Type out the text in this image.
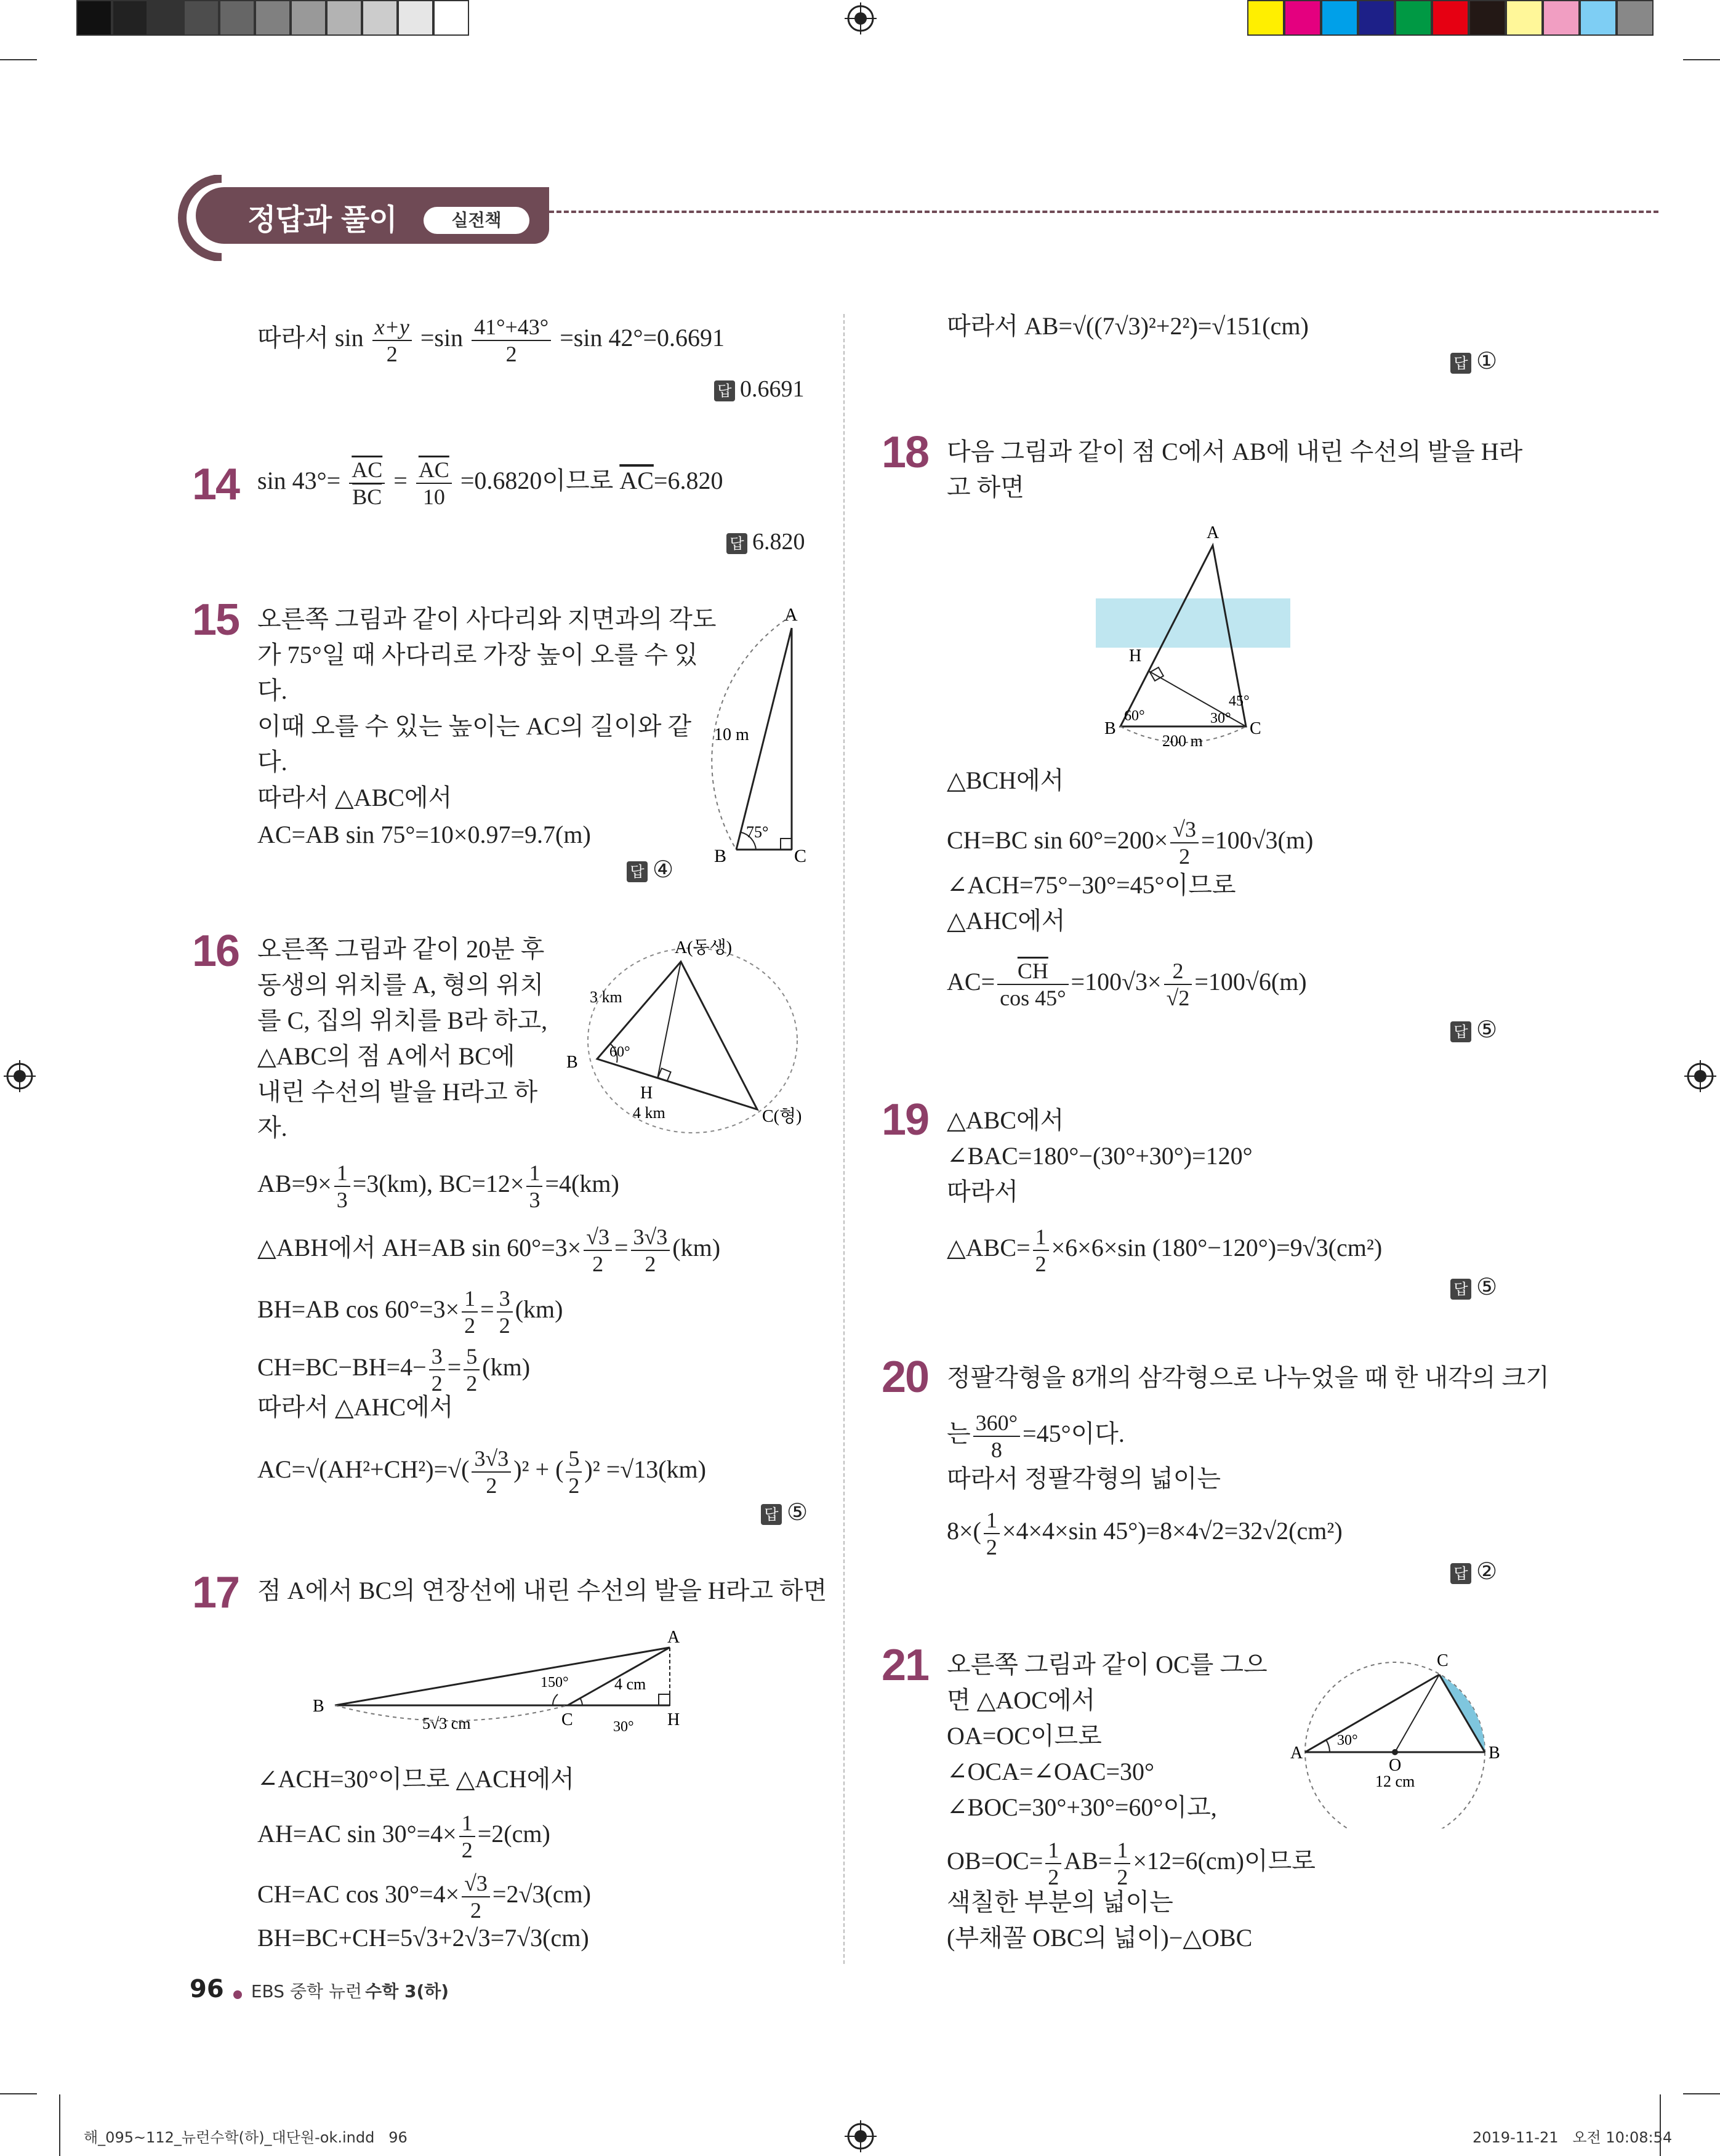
정답과 풀이	실전책
따라서 $\sin \frac{x+y}{2} =\sin \frac{41^\circ+43^\circ}{2} =\sin$ 42°=0.6691
답 0.6691
14 $\sin 43^\circ= \frac{\overline{AC}}{BC} = \frac{\overline{AC}}{10} =0.6820$이므로 $\overline{AC}=6.820$
답 6.820
15 오른쪽 그림과 같이 사다리와 지면과의 각도
가 75°일 때 사다리로 가장 높이 오를 수 있
다.
이때 오를 수 있는 높이는 AC의 길이와 같
다.
따라서 △ABC에서
AC=AB sin 75°=10×0.97=9.7(m)
답 ④
A
B	C
10 m
75°
16 오른쪽 그림과 같이 20분 후
동생의 위치를 A, 형의 위치
를 C, 집의 위치를 B라 하고,
△ABC의 점 A에서 BC에
내린 수선의 발을 H라고 하
자.
A(동생)
B
C(형)
H
3 km
4 km
60°
$AB=9\times \frac{1}{3} =3(km)$, $BC=12\times \frac{1}{3} =4(km)$
△ABH에서 AH=AB $\sin 60^\circ=3\times \frac{√3}{2} = \frac{3√3}{2} (km)$
BH=AB $\cos 60^\circ=3\times \frac{1}{2} = \frac{3}{2} (km)$
$CH=BC-BH=4- \frac{3}{2} = \frac{5}{2} (km)$
따라서 △AHC에서
$AC=√(AH^2+CH^2)=√( \frac{3√3}{2} )^2$ + ( $\frac{5}{2} )^2 =√13(km)$
답 ⑤
17 점 A에서 BC의 연장선에 내린 수선의 발을 H라고 하면
A
B
C	H
5√3 cm
4 cm
150°
30°
∠ACH=30°이므로 △ACH에서
AH=AC $\sin 30^\circ=4\times \frac{1}{2} =2(cm)$
CH=AC $\cos 30^\circ=4\times \frac{√3}{2} =2√3(cm)$
BH=BC+CH=5√3+2√3=7√3(cm)
따라서 AB=√((7√3)²+2²)=√151(cm)
답 ①
18 다음 그림과 같이 점 C에서 AB에 내린 수선의 발을 H라
고 하면
A
B	C
H
200 m
60°	30°
45°
△BCH에서
CH=BC $\sin 60^\circ=200\times \frac{√3}{2} =100√3(m)$
∠ACH=75°−30°=45°이므로
△AHC에서
$AC= \frac{\overline{CH}}{\cos 45^\circ} =100√3\times \frac{2}{√2} =100√6(m)$
답 ⑤
19 △ABC에서
∠BAC=180°−(30°+30°)=120°
따라서
△ABC= $\frac{1}{2} \times 6\times 6\times\sin$ (180°−120°)=9√3(cm²)
답 ⑤
20 정팔각형을 8개의 삼각형으로 나누었을 때 한 내각의 크기
는 $\frac{360^\circ}{8} =45^\circ$이다.
따라서 정팔각형의 넓이는
$8\times( \frac{1}{2} \times 4\times 4\times\sin$ 45°)=8×4√2=32√2(cm²)
답 ②
21 오른쪽 그림과 같이 OC를 그으
면 △AOC에서
OA=OC이므로
∠OCA=∠OAC=30°
∠BOC=30°+30°=60°이고,
A	B
C
O
12 cm
30°
$OB=OC= \frac{1}{2} AB= \frac{1}{2} \times 12=6(cm)$이므로
색칠한 부분의 넓이는
(부채꼴 OBC의 넓이)−△OBC
96 EBS 중학 뉴런 수학 3(하)
해_095~112_뉴런수학(하)_대단원-ok.indd   96	2019-11-21   오전 10:08:54
